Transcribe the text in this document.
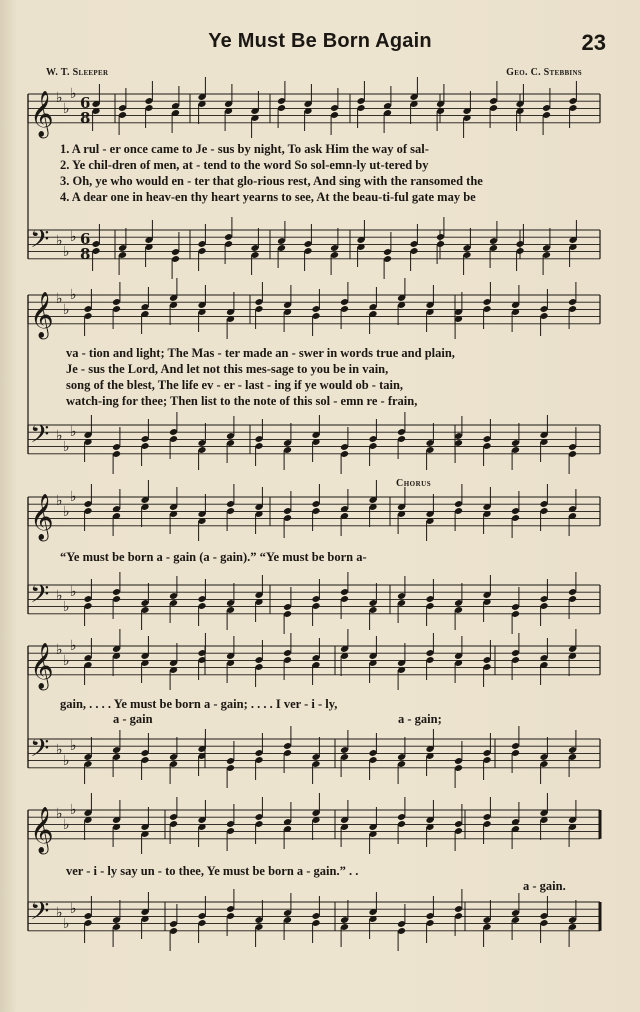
Ye Must Be Born Again	23
W. T. Sleeper	Geo. C. Stebbins
Chorus
𝄞 ♭
♭
♭ 6
8
𝄢 ♭
♭
♭ 6
8
𝄞 ♭
♭
♭
𝄢 ♭
♭
♭
𝄞 ♭
♭
♭
𝄢 ♭
♭
♭
𝄞 ♭
♭
♭
𝄢 ♭
♭
♭
𝄞 ♭
♭
♭
𝄢 ♭
♭
♭
1. A rul - er once came to Je - sus by night, To ask Him the way of sal-
2. Ye chil-dren of men, at - tend to the word So sol-emn-ly ut-tered by
3. Oh, ye who would en - ter that glo-rious rest, And sing with the ransomed the
4. A dear one in heav-en thy heart yearns to see, At the beau-ti-ful gate may be
va - tion and light; The Mas - ter made an - swer in words true and plain,
Je - sus the Lord, And let not this mes-sage to you be in vain,
song of the blest, The life ev - er - last - ing if ye would ob - tain,
watch-ing for thee; Then list to the note of this sol - emn re - frain,
“Ye must be born a - gain (a - gain).” “Ye must be born a-
gain, . . . . Ye must be born a - gain; . . . . I ver - i - ly,
a - gain	a - gain;
ver - i - ly say un - to thee, Ye must be born a - gain.” . .
a - gain.
